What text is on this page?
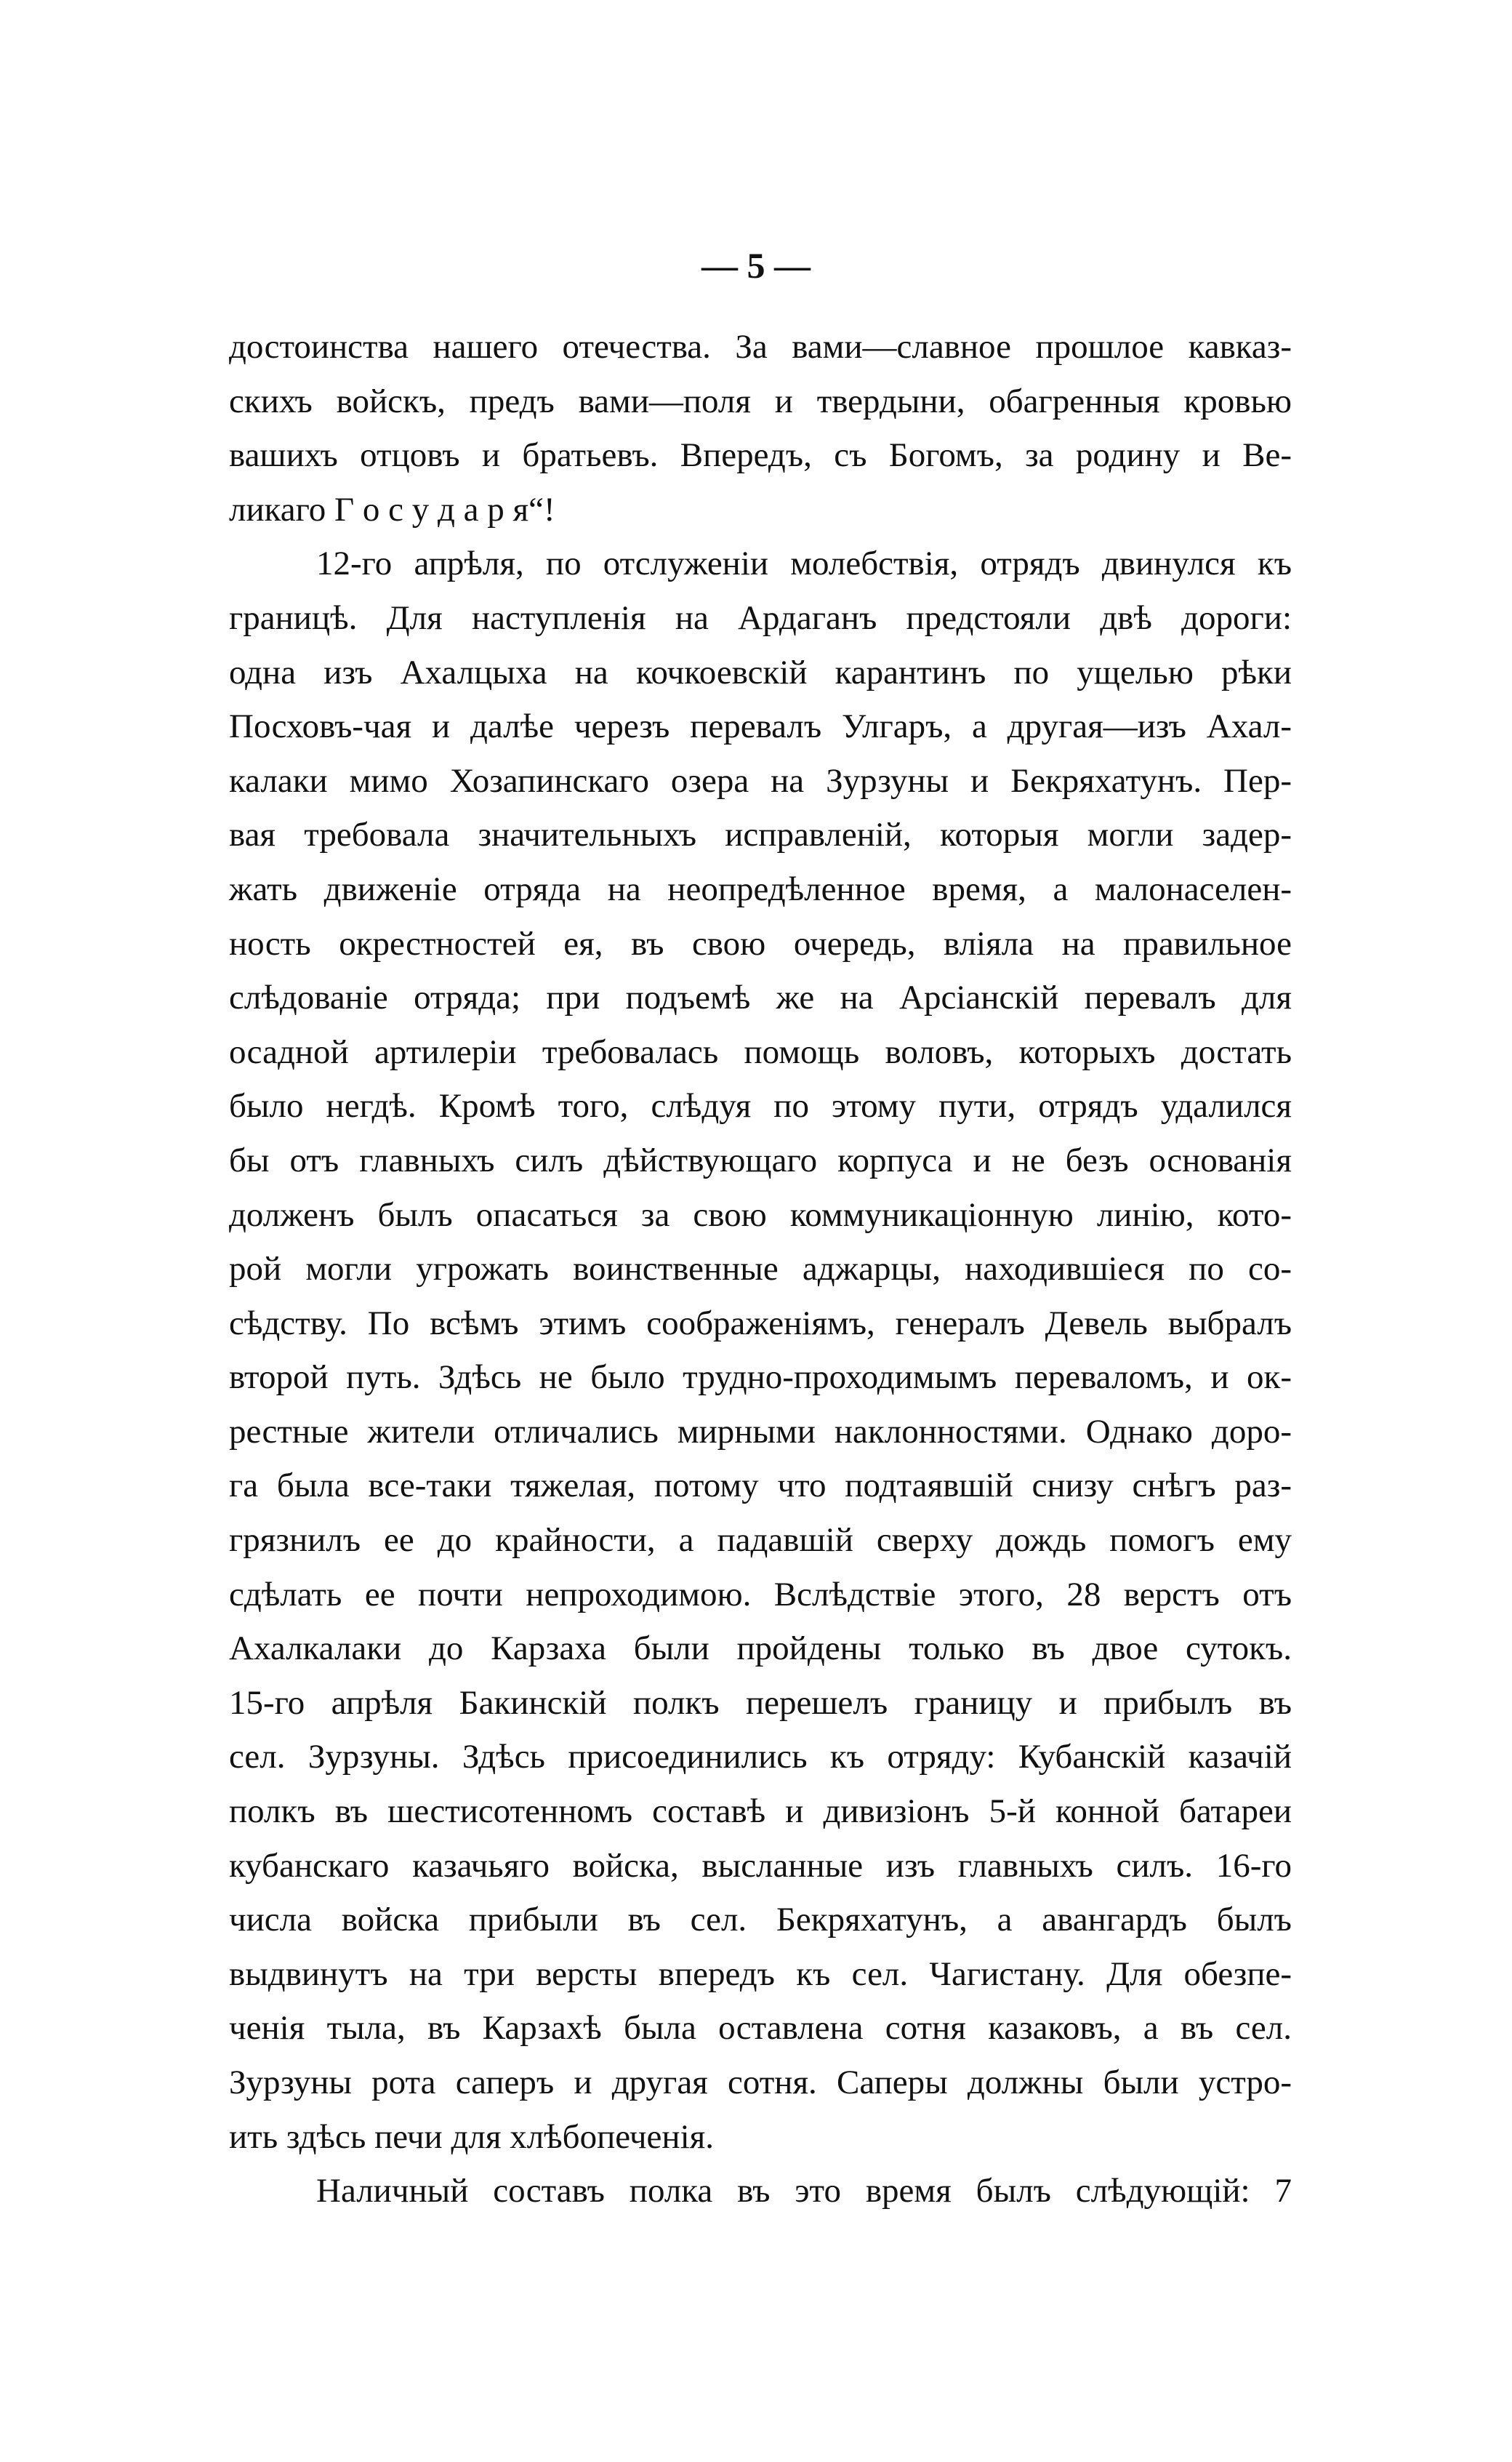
— 5 —
достоинства нашего отечества. За вами—славное прошлое кавказ-
скихъ войскъ, предъ вами—поля и твердыни, обагренныя кровью
вашихъ отцовъ и братьевъ. Впередъ, съ Богомъ, за родину и Ве-
ликаго Г о с у д а р я“!
12-го апрѣля, по отслуженіи молебствія, отрядъ двинулся къ
границѣ. Для наступленія на Ардаганъ предстояли двѣ дороги:
одна изъ Ахалцыха на кочкоевскій карантинъ по ущелью рѣки
Посховъ-чая и далѣе черезъ перевалъ Улгаръ, а другая—изъ Ахал-
калаки мимо Хозапинскаго озера на Зурзуны и Бекряхатунъ. Пер-
вая требовала значительныхъ исправленій, которыя могли задер-
жать движеніе отряда на неопредѣленное время, а малонаселен-
ность окрестностей ея, въ свою очередь, вліяла на правильное
слѣдованіе отряда; при подъемѣ же на Арсіанскій перевалъ для
осадной артилеріи требовалась помощь воловъ, которыхъ достать
было негдѣ. Кромѣ того, слѣдуя по этому пути, отрядъ удалился
бы отъ главныхъ силъ дѣйствующаго корпуса и не безъ основанія
долженъ былъ опасаться за свою коммуникаціонную линію, кото-
рой могли угрожать воинственные аджарцы, находившіеся по со-
сѣдству. По всѣмъ этимъ соображеніямъ, генералъ Девель выбралъ
второй путь. Здѣсь не было трудно-проходимымъ переваломъ, и ок-
рестные жители отличались мирными наклонностями. Однако доро-
га была все-таки тяжелая, потому что подтаявшій снизу снѣгъ раз-
грязнилъ ее до крайности, а падавшій сверху дождь помогъ ему
сдѣлать ее почти непроходимою. Вслѣдствіе этого, 28 верстъ отъ
Ахалкалаки до Карзаха были пройдены только въ двое сутокъ.
15-го апрѣля Бакинскій полкъ перешелъ границу и прибылъ въ
сел. Зурзуны. Здѣсь присоединились къ отряду: Кубанскій казачій
полкъ въ шестисотенномъ составѣ и дивизіонъ 5-й конной батареи
кубанскаго казачьяго войска, высланные изъ главныхъ силъ. 16-го
числа войска прибыли въ сел. Бекряхатунъ, а авангардъ былъ
выдвинутъ на три версты впередъ къ сел. Чагистану. Для обезпе-
ченія тыла, въ Карзахѣ была оставлена сотня казаковъ, а въ сел.
Зурзуны рота саперъ и другая сотня. Саперы должны были устро-
ить здѣсь печи для хлѣбопеченія.
Наличный составъ полка въ это время былъ слѣдующій: 7
